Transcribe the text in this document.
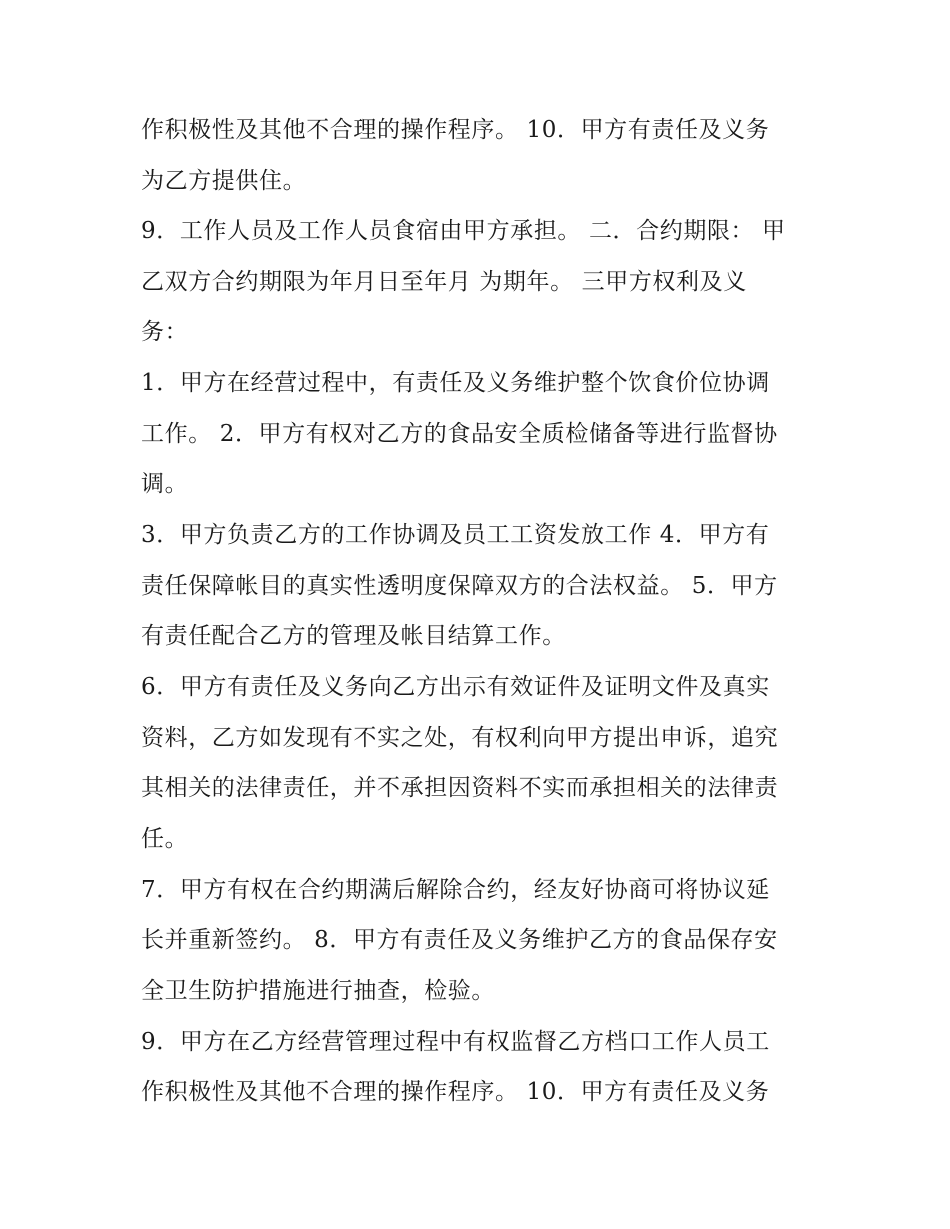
作积极性及其他不合理的操作程序。 10．甲方有责任及义务

为乙方提供住。

9．工作人员及工作人员食宿由甲方承担。 二．合约期限： 甲

乙双方合约期限为年月日至年月 为期年。 三甲方权利及义

务：

1．甲方在经营过程中，有责任及义务维护整个饮食价位协调

工作。 2．甲方有权对乙方的食品安全质检储备等进行监督协

调。

3．甲方负责乙方的工作协调及员工工资发放工作 4．甲方有

责任保障帐目的真实性透明度保障双方的合法权益。 5．甲方

有责任配合乙方的管理及帐目结算工作。

6．甲方有责任及义务向乙方出示有效证件及证明文件及真实

资料，乙方如发现有不实之处，有权利向甲方提出申诉，追究

其相关的法律责任，并不承担因资料不实而承担相关的法律责

任。

7．甲方有权在合约期满后解除合约，经友好协商可将协议延

长并重新签约。 8．甲方有责任及义务维护乙方的食品保存安

全卫生防护措施进行抽查，检验。

9．甲方在乙方经营管理过程中有权监督乙方档口工作人员工

作积极性及其他不合理的操作程序。 10．甲方有责任及义务
